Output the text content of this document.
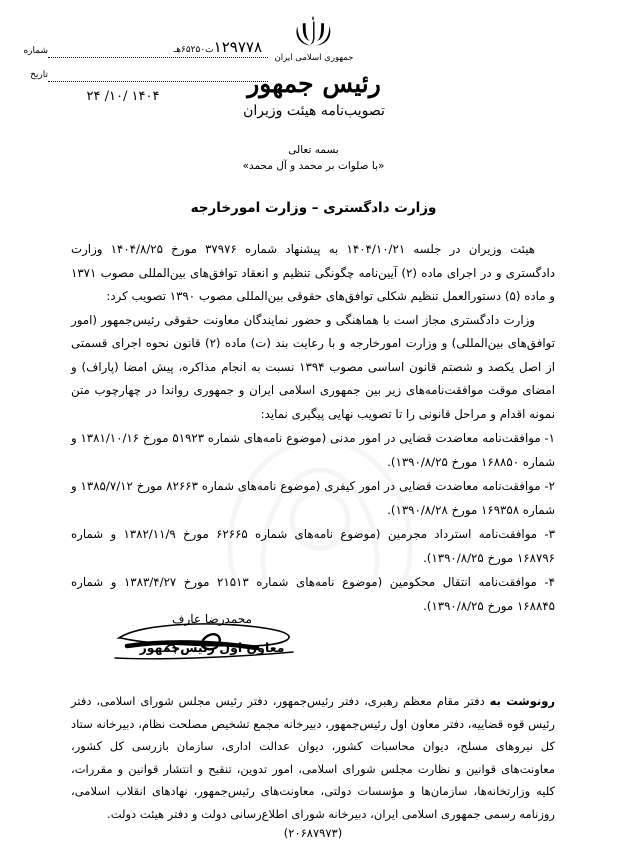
جمهوری اسلامی ایران
رئیس جمهور
تصویب‌نامه هیئت وزیران
شماره	۱۲۹۷۷۸‏ت‏۶۵۲۵۰هـ
تاریخ
۱۴۰۴ /۱۰/ ۲۴
بسمه تعالی
«با صلوات بر محمد و آل محمد»
وزارت دادگستری – وزارت امورخارجه

هیئت وزیران در جلسه ۱۴۰۴/۱۰/۲۱ به پیشنهاد شماره ۳۷۹۷۶ مورخ ۱۴۰۴/۸/۲۵ وزارت دادگستری و در اجرای ماده (۲) آیین‌نامه چگونگی تنظیم و انعقاد توافق‌های بین‌المللی مصوب ۱۳۷۱ و ماده (۵) دستورالعمل تنظیم شکلی توافق‌های حقوقی بین‌المللی مصوب ۱۳۹۰ تصویب کرد:

وزارت دادگستری مجاز است با هماهنگی و حضور نمایندگان معاونت حقوقی رئیس‌جمهور (امور توافق‌های بین‌المللی) و وزارت امورخارجه و با رعایت بند (ت) ماده (۲) قانون نحوه اجرای قسمتی از اصل یکصد و شصتم قانون اساسی مصوب ۱۳۹۴ نسبت به انجام مذاکره، پیش امضا (پاراف) و امضای موقت موافقت‌نامه‌های زیر بین جمهوری اسلامی ایران و جمهوری رواندا در چهارچوب متن نمونه اقدام و مراحل قانونی را تا تصویب نهایی پیگیری نماید:

۱- موافقت‌نامه معاضدت قضایی در امور مدنی (موضوع نامه‌های شماره ۵۱۹۲۳ مورخ ۱۳۸۱/۱۰/۱۶ و شماره ۱۶۸۸۵۰ مورخ ۱۳۹۰/۸/۲۵).
۲- موافقت‌نامه معاضدت قضایی در امور کیفری (موضوع نامه‌های شماره ۸۲۶۶۳ مورخ ۱۳۸۵/۷/۱۲ و شماره ۱۶۹۳۵۸ مورخ ۱۳۹۰/۸/۲۸).
۳- موافقت‌نامه استرداد مجرمین (موضوع نامه‌های شماره ۶۲۶۶۵ مورخ ۱۳۸۲/۱۱/۹ و شماره ۱۶۸۷۹۶ مورخ ۱۳۹۰/۸/۲۵).
۴- موافقت‌نامه انتقال محکومین (موضوع نامه‌های شماره ۲۱۵۱۳ مورخ ۱۳۸۳/۴/۲۷ و شماره ۱۶۸۸۴۵ مورخ ۱۳۹۰/۸/۲۵).
محمدرضا عارف
معاون اول رئیس‌جمهور

رونوشت به دفتر مقام معظم رهبری، دفتر رئیس‌جمهور، دفتر رئیس مجلس شورای اسلامی، دفتر رئیس قوه قضاییه، دفتر معاون اول رئیس‌جمهور، دبیرخانه مجمع تشخیص مصلحت نظام، دبیرخانه ستاد کل نیروهای مسلح، دیوان محاسبات کشور، دیوان عدالت اداری، سازمان بازرسی کل کشور، معاونت‌های قوانین و نظارت مجلس شورای اسلامی، امور تدوین، تنقیح و انتشار قوانین و مقررات، کلیه وزارتخانه‌ها، سازمان‌ها و مؤسسات دولتی، معاونت‌های رئیس‌جمهور، نهادهای انقلاب اسلامی، روزنامه رسمی جمهوری اسلامی ایران، دبیرخانه شورای اطلاع‌رسانی دولت و دفتر هیئت دولت.

(۲۰۶۸۷۹۷۳)
